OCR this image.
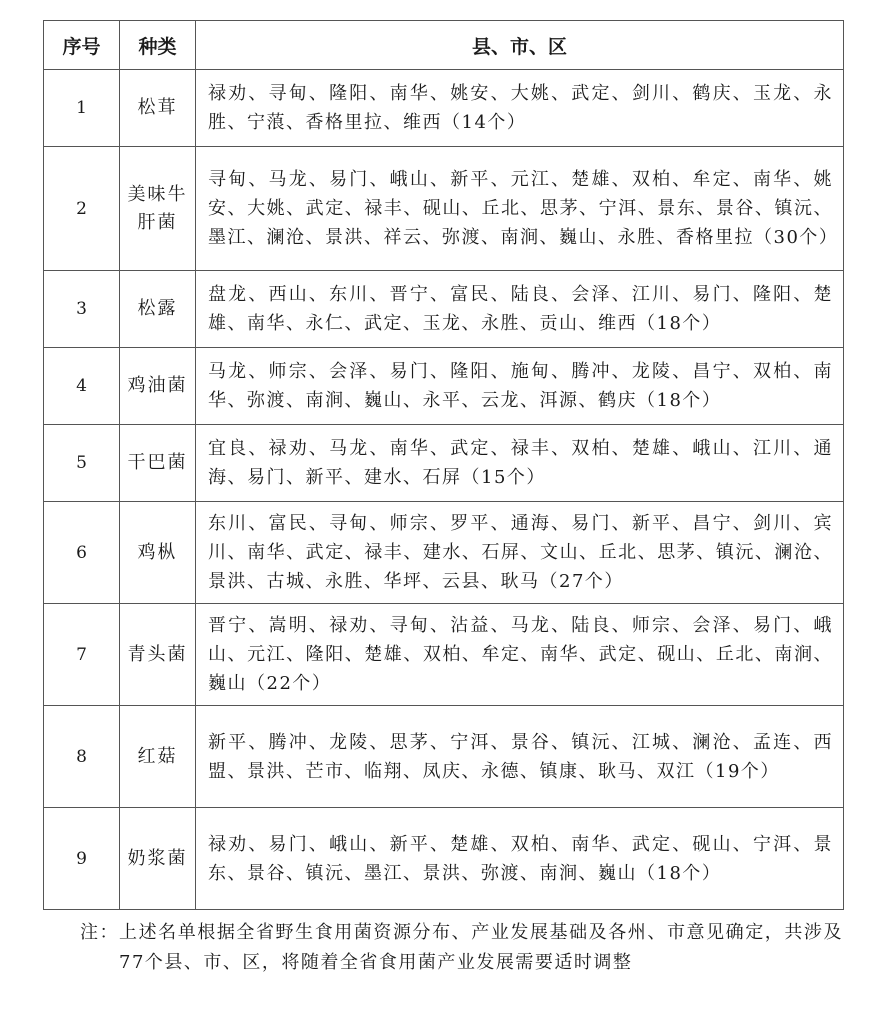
序号	种类	县、市、区
1	松茸	禄劝、寻甸、隆阳、南华、姚安、大姚、武定、剑川、鹤庆、玉龙、永胜、宁蒗、香格里拉、维西（14个）
2	美味牛肝菌	寻甸、马龙、易门、峨山、新平、元江、楚雄、双柏、牟定、南华、姚安、大姚、武定、禄丰、砚山、丘北、思茅、宁洱、景东、景谷、镇沅、墨江、澜沧、景洪、祥云、弥渡、南涧、巍山、永胜、香格里拉（30个）
3	松露	盘龙、西山、东川、晋宁、富民、陆良、会泽、江川、易门、隆阳、楚雄、南华、永仁、武定、玉龙、永胜、贡山、维西（18个）
4	鸡油菌	马龙、师宗、会泽、易门、隆阳、施甸、腾冲、龙陵、昌宁、双柏、南华、弥渡、南涧、巍山、永平、云龙、洱源、鹤庆（18个）
5	干巴菌	宜良、禄劝、马龙、南华、武定、禄丰、双柏、楚雄、峨山、江川、通海、易门、新平、建水、石屏（15个）
6	鸡枞	东川、富民、寻甸、师宗、罗平、通海、易门、新平、昌宁、剑川、宾川、南华、武定、禄丰、建水、石屏、文山、丘北、思茅、镇沅、澜沧、景洪、古城、永胜、华坪、云县、耿马（27个）
7	青头菌	晋宁、嵩明、禄劝、寻甸、沾益、马龙、陆良、师宗、会泽、易门、峨山、元江、隆阳、楚雄、双柏、牟定、南华、武定、砚山、丘北、南涧、巍山（22个）
8	红菇	新平、腾冲、龙陵、思茅、宁洱、景谷、镇沅、江城、澜沧、孟连、西盟、景洪、芒市、临翔、凤庆、永德、镇康、耿马、双江（19个）
9	奶浆菌	禄劝、易门、峨山、新平、楚雄、双柏、南华、武定、砚山、宁洱、景东、景谷、镇沅、墨江、景洪、弥渡、南涧、巍山（18个）
注： 上述名单根据全省野生食用菌资源分布、产业发展基础及各州、市意见确定，共涉及77个县、市、区，将随着全省食用菌产业发展需要适时调整
